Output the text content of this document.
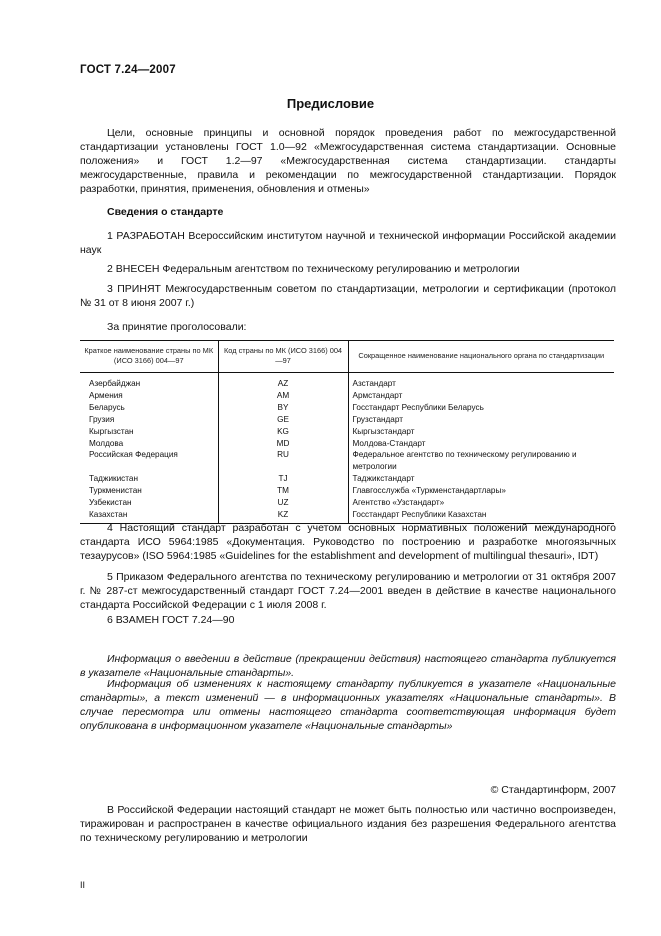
ГОСТ 7.24—2007
Предисловие
Цели, основные принципы и основной порядок проведения работ по межгосударственной стандартизации установлены ГОСТ 1.0—92 «Межгосударственная система стандартизации. Основные положения» и ГОСТ 1.2—97 «Межгосударственная система стандартизации. стандарты межгосударственные, правила и рекомендации по межгосударственной стандартизации. Порядок разработки, принятия, применения, обновления и отмены»
Сведения о стандарте
1 РАЗРАБОТАН Всероссийским институтом научной и технической информации Российской академии наук
2 ВНЕСЕН Федеральным агентством по техническому регулированию и метрологии
3 ПРИНЯТ Межгосударственным советом по стандартизации, метрологии и сертификации (протокол № 31 от 8 июня 2007 г.)
За принятие проголосовали:
Краткое наименование страны по МК (ИСО 3166) 004—97	Код страны по МК (ИСО 3166) 004—97	Сокращенное наименование национального органа по стандартизации
Азербайджан	AZ	Азстандарт
Армения	AM	Армстандарт
Беларусь	BY	Госстандарт Республики Беларусь
Грузия	GE	Грузстандарт
Кыргызстан	KG	Кыргызстандарт
Молдова	MD	Молдова-Стандарт
Российская Федерация	RU	Федеральное агентство по техническому регулированию и метрологии
Таджикистан	TJ	Таджикстандарт
Туркменистан	TM	Главгосслужба «Туркменстандартлары»
Узбекистан	UZ	Агентство «Узстандарт»
Казахстан	KZ	Госстандарт Республики Казахстан
4 Настоящий стандарт разработан с учетом основных нормативных положений международного стандарта ИСО 5964:1985 «Документация. Руководство по построению и разработке многоязычных тезаурусов» (ISO 5964:1985 «Guidelines for the establishment and development of multilingual thesauri», IDT)
5 Приказом Федерального агентства по техническому регулированию и метрологии от 31 октября 2007 г. № 287-ст межгосударственный стандарт ГОСТ 7.24—2001 введен в действие в качестве национального стандарта Российской Федерации с 1 июля 2008 г.
6 ВЗАМЕН ГОСТ 7.24—90
Информация о введении в действие (прекращении действия) настоящего стандарта публикуется в указателе «Национальные стандарты».
Информация об изменениях к настоящему стандарту публикуется в указателе «Национальные стандарты», а текст изменений — в информационных указателях «Национальные стандарты». В случае пересмотра или отмены настоящего стандарта соответствующая информация будет опубликована в информационном указателе «Национальные стандарты»
© Стандартинформ, 2007
В Российской Федерации настоящий стандарт не может быть полностью или частично воспроизведен, тиражирован и распространен в качестве официального издания без разрешения Федерального агентства по техническому регулированию и метрологии
II
